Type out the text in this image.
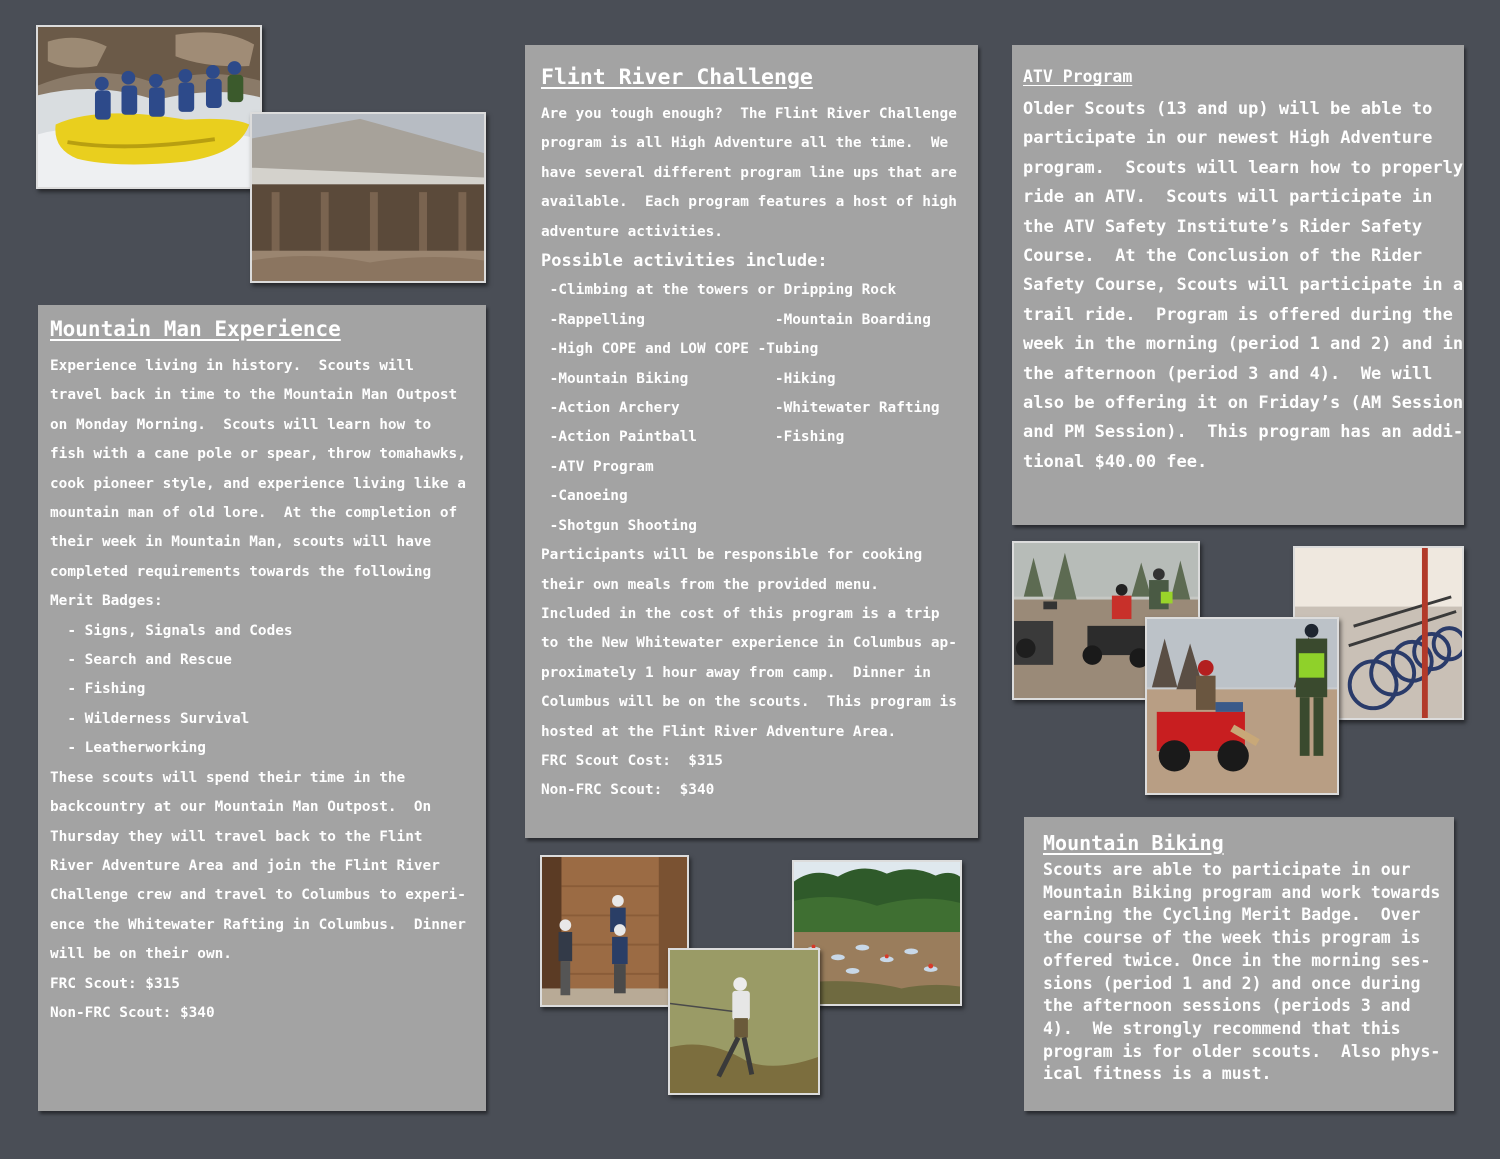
Mountain Man Experience
Experience living in history.  Scouts will
travel back in time to the Mountain Man Outpost
on Monday Morning.  Scouts will learn how to
fish with a cane pole or spear, throw tomahawks,
cook pioneer style, and experience living like a
mountain man of old lore.  At the completion of
their week in Mountain Man, scouts will have
completed requirements towards the following
Merit Badges:
- Signs, Signals and Codes
- Search and Rescue
- Fishing
- Wilderness Survival
- Leatherworking
These scouts will spend their time in the
backcountry at our Mountain Man Outpost.  On
Thursday they will travel back to the Flint
River Adventure Area and join the Flint River
Challenge crew and travel to Columbus to experi-
ence the Whitewater Rafting in Columbus.  Dinner
will be on their own.
FRC Scout: $315
Non-FRC Scout: $340
Flint River Challenge
Are you tough enough?  The Flint River Challenge
program is all High Adventure all the time.  We
have several different program line ups that are
available.  Each program features a host of high
adventure activities.
Possible activities include:
-Climbing at the towers or Dripping Rock
-Rappelling               -Mountain Boarding
-High COPE and LOW COPE -Tubing
-Mountain Biking          -Hiking
-Action Archery           -Whitewater Rafting
-Action Paintball         -Fishing
-ATV Program
-Canoeing
-Shotgun Shooting
Participants will be responsible for cooking
their own meals from the provided menu.
Included in the cost of this program is a trip
to the New Whitewater experience in Columbus ap-
proximately 1 hour away from camp.  Dinner in
Columbus will be on the scouts.  This program is
hosted at the Flint River Adventure Area.
FRC Scout Cost:  $315
Non-FRC Scout:  $340
ATV Program
Older Scouts (13 and up) will be able to
participate in our newest High Adventure
program.  Scouts will learn how to properly
ride an ATV.  Scouts will participate in
the ATV Safety Institute’s Rider Safety
Course.  At the Conclusion of the Rider
Safety Course, Scouts will participate in a
trail ride.  Program is offered during the
week in the morning (period 1 and 2) and in
the afternoon (period 3 and 4).  We will
also be offering it on Friday’s (AM Session
and PM Session).  This program has an addi-
tional $40.00 fee.
Mountain Biking
Scouts are able to participate in our
Mountain Biking program and work towards
earning the Cycling Merit Badge.  Over
the course of the week this program is
offered twice. Once in the morning ses-
sions (period 1 and 2) and once during
the afternoon sessions (periods 3 and
4).  We strongly recommend that this
program is for older scouts.  Also phys-
ical fitness is a must.
